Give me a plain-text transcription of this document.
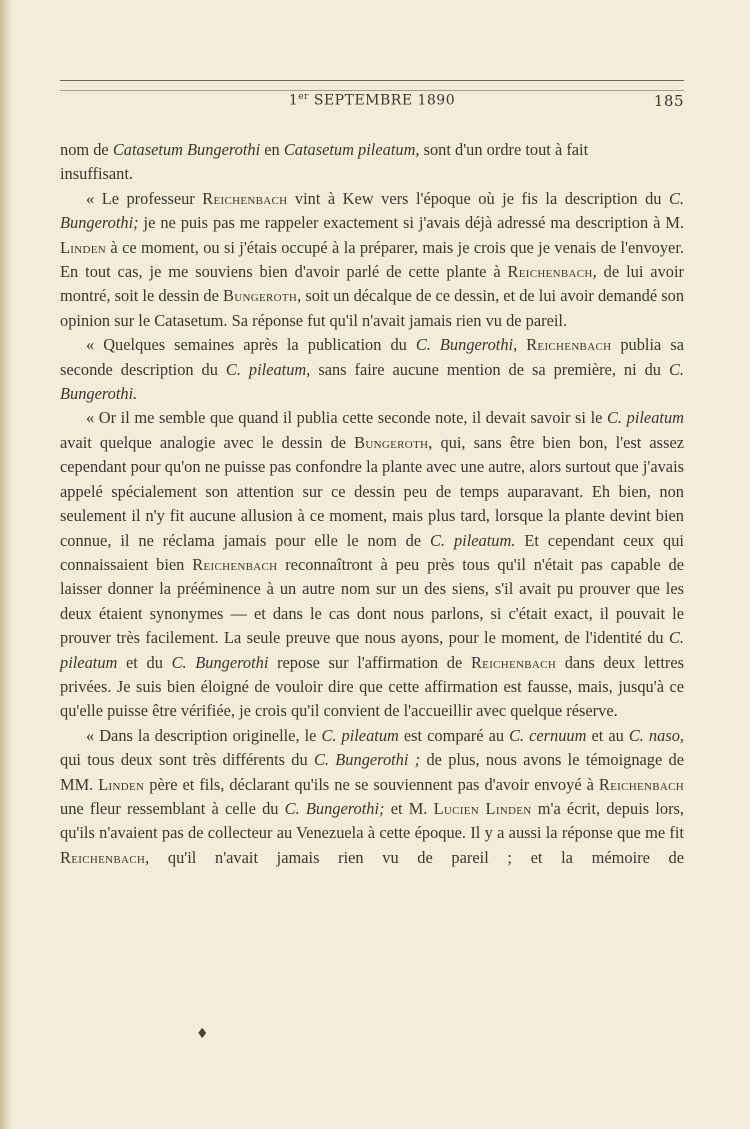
1er SEPTEMBRE 1890	185

nom de Catasetum Bungerothi en Catasetum pileatum, sont d'un ordre tout à fait
insuffisant.

« Le professeur Reichenbach vint à Kew vers l'époque où je fis la description du C. Bungerothi; je ne puis pas me rappeler exactement si j'avais déjà adressé ma description à M. Linden à ce moment, ou si j'étais occupé à la préparer, mais je crois que je venais de l'envoyer. En tout cas, je me souviens bien d'avoir parlé de cette plante à Reichenbach, de lui avoir montré, soit le dessin de Bungeroth, soit un décalque de ce dessin, et de lui avoir demandé son opinion sur le Catasetum. Sa réponse fut qu'il n'avait jamais rien vu de pareil.

« Quelques semaines après la publication du C. Bungerothi, Reichenbach publia sa seconde description du C. pileatum, sans faire aucune mention de sa première, ni du C. Bungerothi.

« Or il me semble que quand il publia cette seconde note, il devait savoir si le C. pileatum avait quelque analogie avec le dessin de Bungeroth, qui, sans être bien bon, l'est assez cependant pour qu'on ne puisse pas confondre la plante avec une autre, alors surtout que j'avais appelé spécialement son attention sur ce dessin peu de temps auparavant. Eh bien, non seulement il n'y fit aucune allusion à ce moment, mais plus tard, lorsque la plante devint bien connue, il ne réclama jamais pour elle le nom de C. pileatum. Et cependant ceux qui connaissaient bien Reichenbach reconnaîtront à peu près tous qu'il n'était pas capable de laisser donner la prééminence à un autre nom sur un des siens, s'il avait pu prouver que les deux étaient synonymes — et dans le cas dont nous parlons, si c'était exact, il pouvait le prouver très facilement. La seule preuve que nous ayons, pour le moment, de l'identité du C. pileatum et du C. Bungerothi repose sur l'affirmation de Reichenbach dans deux lettres privées. Je suis bien éloigné de vouloir dire que cette affirmation est fausse, mais, jusqu'à ce qu'elle puisse être vérifiée, je crois qu'il convient de l'accueillir avec quelque réserve.

« Dans la description originelle, le C. pileatum est comparé au C. cernuum et au C. naso, qui tous deux sont très différents du C. Bungerothi ; de plus, nous avons le témoignage de MM. Linden père et fils, déclarant qu'ils ne se souviennent pas d'avoir envoyé à Reichenbach une fleur ressemblant à celle du C. Bungerothi; et M. Lucien Linden m'a écrit, depuis lors, qu'ils n'avaient pas de collecteur au Venezuela à cette époque. Il y a aussi la réponse que me fit Reichenbach, qu'il n'avait jamais rien vu de pareil ; et la mémoire de

♦
